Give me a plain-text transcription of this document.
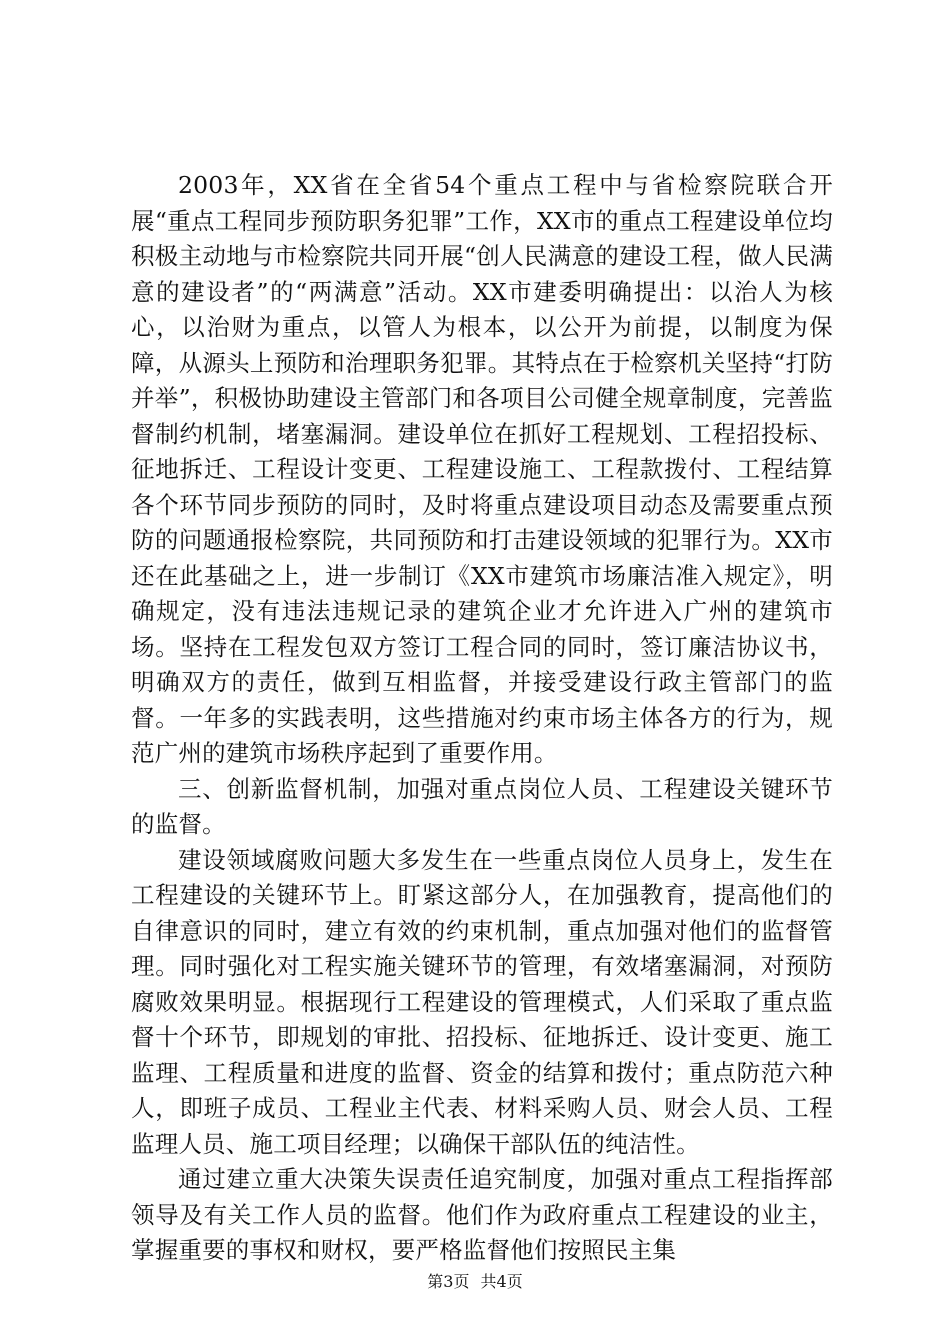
2003年，XX省在全省54个重点工程中与省检察院联合开展“重点工程同步预防职务犯罪”工作，XX市的重点工程建设单位均积极主动地与市检察院共同开展“创人民满意的建设工程，做人民满意的建设者”的“两满意”活动。XX市建委明确提出：以治人为核心，以治财为重点，以管人为根本，以公开为前提，以制度为保障，从源头上预防和治理职务犯罪。其特点在于检察机关坚持“打防并举”，积极协助建设主管部门和各项目公司健全规章制度，完善监督制约机制，堵塞漏洞。建设单位在抓好工程规划、工程招投标、征地拆迁、工程设计变更、工程建设施工、工程款拨付、工程结算各个环节同步预防的同时，及时将重点建设项目动态及需要重点预防的问题通报检察院，共同预防和打击建设领域的犯罪行为。XX市还在此基础之上，进一步制订《XX市建筑市场廉洁准入规定》，明确规定，没有违法违规记录的建筑企业才允许进入广州的建筑市场。坚持在工程发包双方签订工程合同的同时，签订廉洁协议书，明确双方的责任，做到互相监督，并接受建设行政主管部门的监督。一年多的实践表明，这些措施对约束市场主体各方的行为，规范广州的建筑市场秩序起到了重要作用。

三、创新监督机制，加强对重点岗位人员、工程建设关键环节的监督。

建设领域腐败问题大多发生在一些重点岗位人员身上，发生在工程建设的关键环节上。盯紧这部分人，在加强教育，提高他们的自律意识的同时，建立有效的约束机制，重点加强对他们的监督管理。同时强化对工程实施关键环节的管理，有效堵塞漏洞，对预防腐败效果明显。根据现行工程建设的管理模式，人们采取了重点监督十个环节，即规划的审批、招投标、征地拆迁、设计变更、施工监理、工程质量和进度的监督、资金的结算和拨付；重点防范六种人，即班子成员、工程业主代表、材料采购人员、财会人员、工程监理人员、施工项目经理；以确保干部队伍的纯洁性。

通过建立重大决策失误责任追究制度，加强对重点工程指挥部领导及有关工作人员的监督。他们作为政府重点工程建设的业主，掌握重要的事权和财权，要严格监督他们按照民主集

第3页 共4页
